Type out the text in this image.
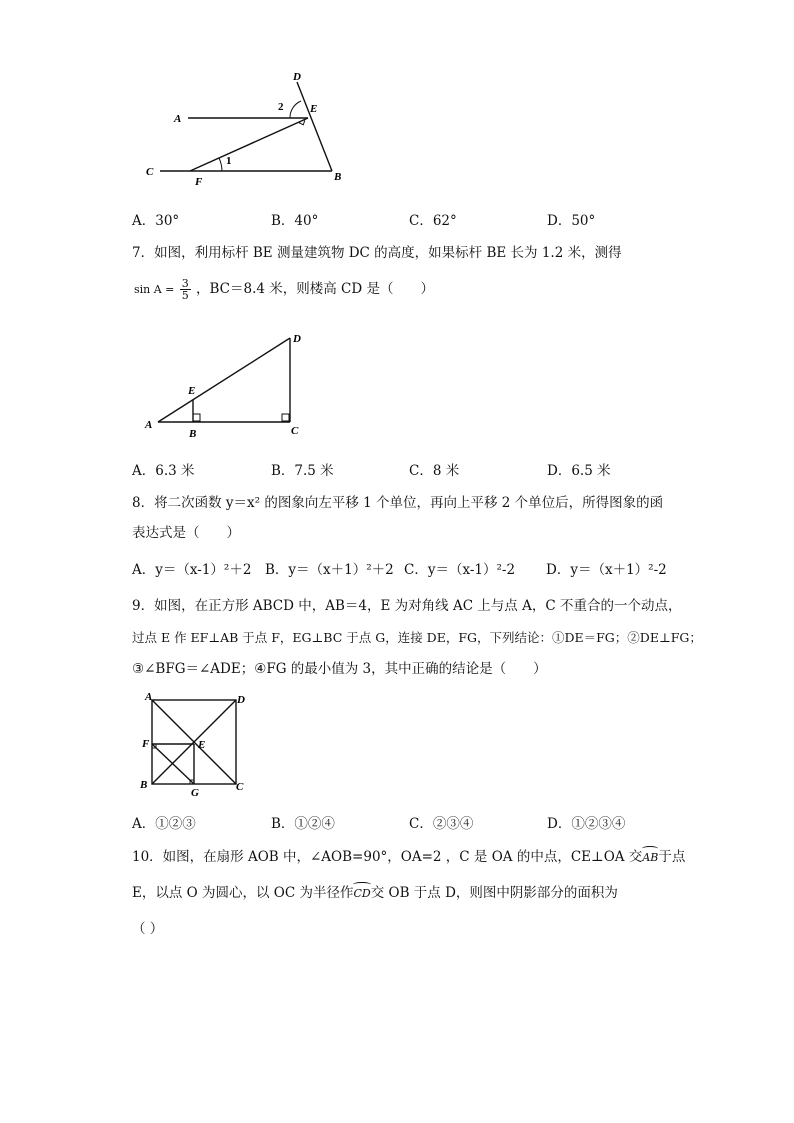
D
E
2
A
C
F
1
B
A．30°	B．40°	C．62°	D．50°
7．如图，利用标杆 BE 测量建筑物 DC 的高度，如果标杆 BE 长为 1.2 米，测得
$\sin A = \frac{3}{5}$ ，BC＝8.4 米，则楼高 CD 是（　　）
D
E
A
B	C
A．6.3 米	B．7.5 米	C．8 米	D．6.5 米
8．将二次函数 y＝x² 的图象向左平移 1 个单位，再向上平移 2 个单位后，所得图象的函
表达式是（　　）
A．y＝（x-1）²＋2 B．y＝（x＋1）²＋2 C．y＝（x-1）²-2 D．y＝（x＋1）²-2
9．如图，在正方形 ABCD 中，AB＝4，E 为对角线 AC 上与点 A，C 不重合的一个动点，
过点 E 作 EF⊥AB 于点 F，EG⊥BC 于点 G，连接 DE，FG，下列结论：①DE＝FG；②DE⊥FG；
③∠BFG＝∠ADE；④FG 的最小值为 3，其中正确的结论是（　　）
A	D
F	E
B
G	C
A．①②③	B．①②④	C．②③④	D．①②③④
10．如图，在扇形 AOB 中，∠AOB=90°，OA=2 ，C 是 OA 的中点，CE⊥OA 交AB于点
E，以点 O 为圆心，以 OC 为半径作CD交 OB 于点 D，则图中阴影部分的面积为
（ ）
